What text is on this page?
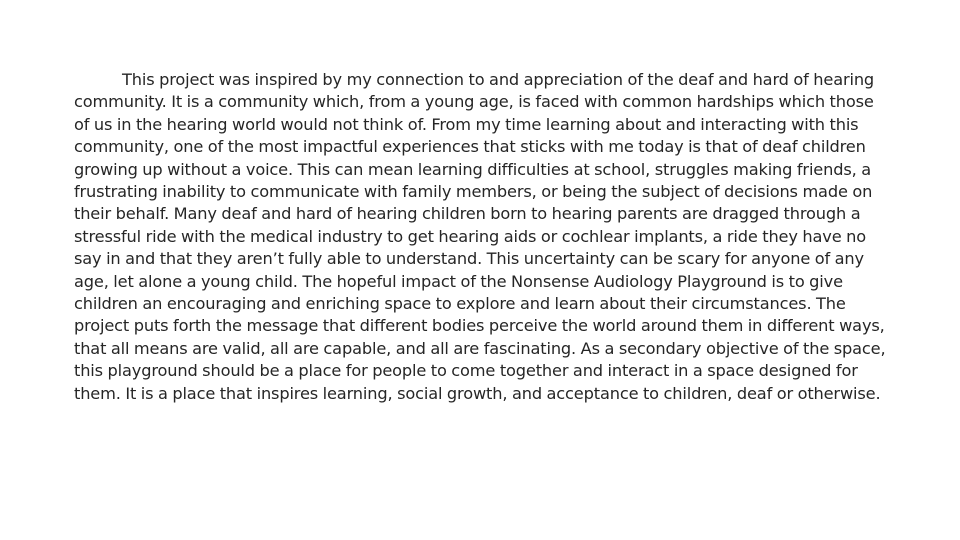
This project was inspired by my connection to and appreciation of the deaf and hard of hearing community. It is a community which, from a young age, is faced with common hardships which those of us in the hearing world would not think of. From my time learning about and interacting with this community, one of the most impactful experiences that sticks with me today is that of deaf children growing up without a voice. This can mean learning difficulties at school, struggles making friends, a frustrating inability to communicate with family members, or being the subject of decisions made on their behalf. Many deaf and hard of hearing children born to hearing parents are dragged through a stressful ride with the medical industry to get hearing aids or cochlear implants, a ride they have no say in and that they aren’t fully able to understand. This uncertainty can be scary for anyone of any age, let alone a young child. The hopeful impact of the Nonsense Audiology Playground is to give children an encouraging and enriching space to explore and learn about their circumstances. The project puts forth the message that different bodies perceive the world around them in different ways, that all means are valid, all are capable, and all are fascinating. As a secondary objective of the space, this playground should be a place for people to come together and interact in a space designed for them. It is a place that inspires learning, social growth, and acceptance to children, deaf or otherwise.
